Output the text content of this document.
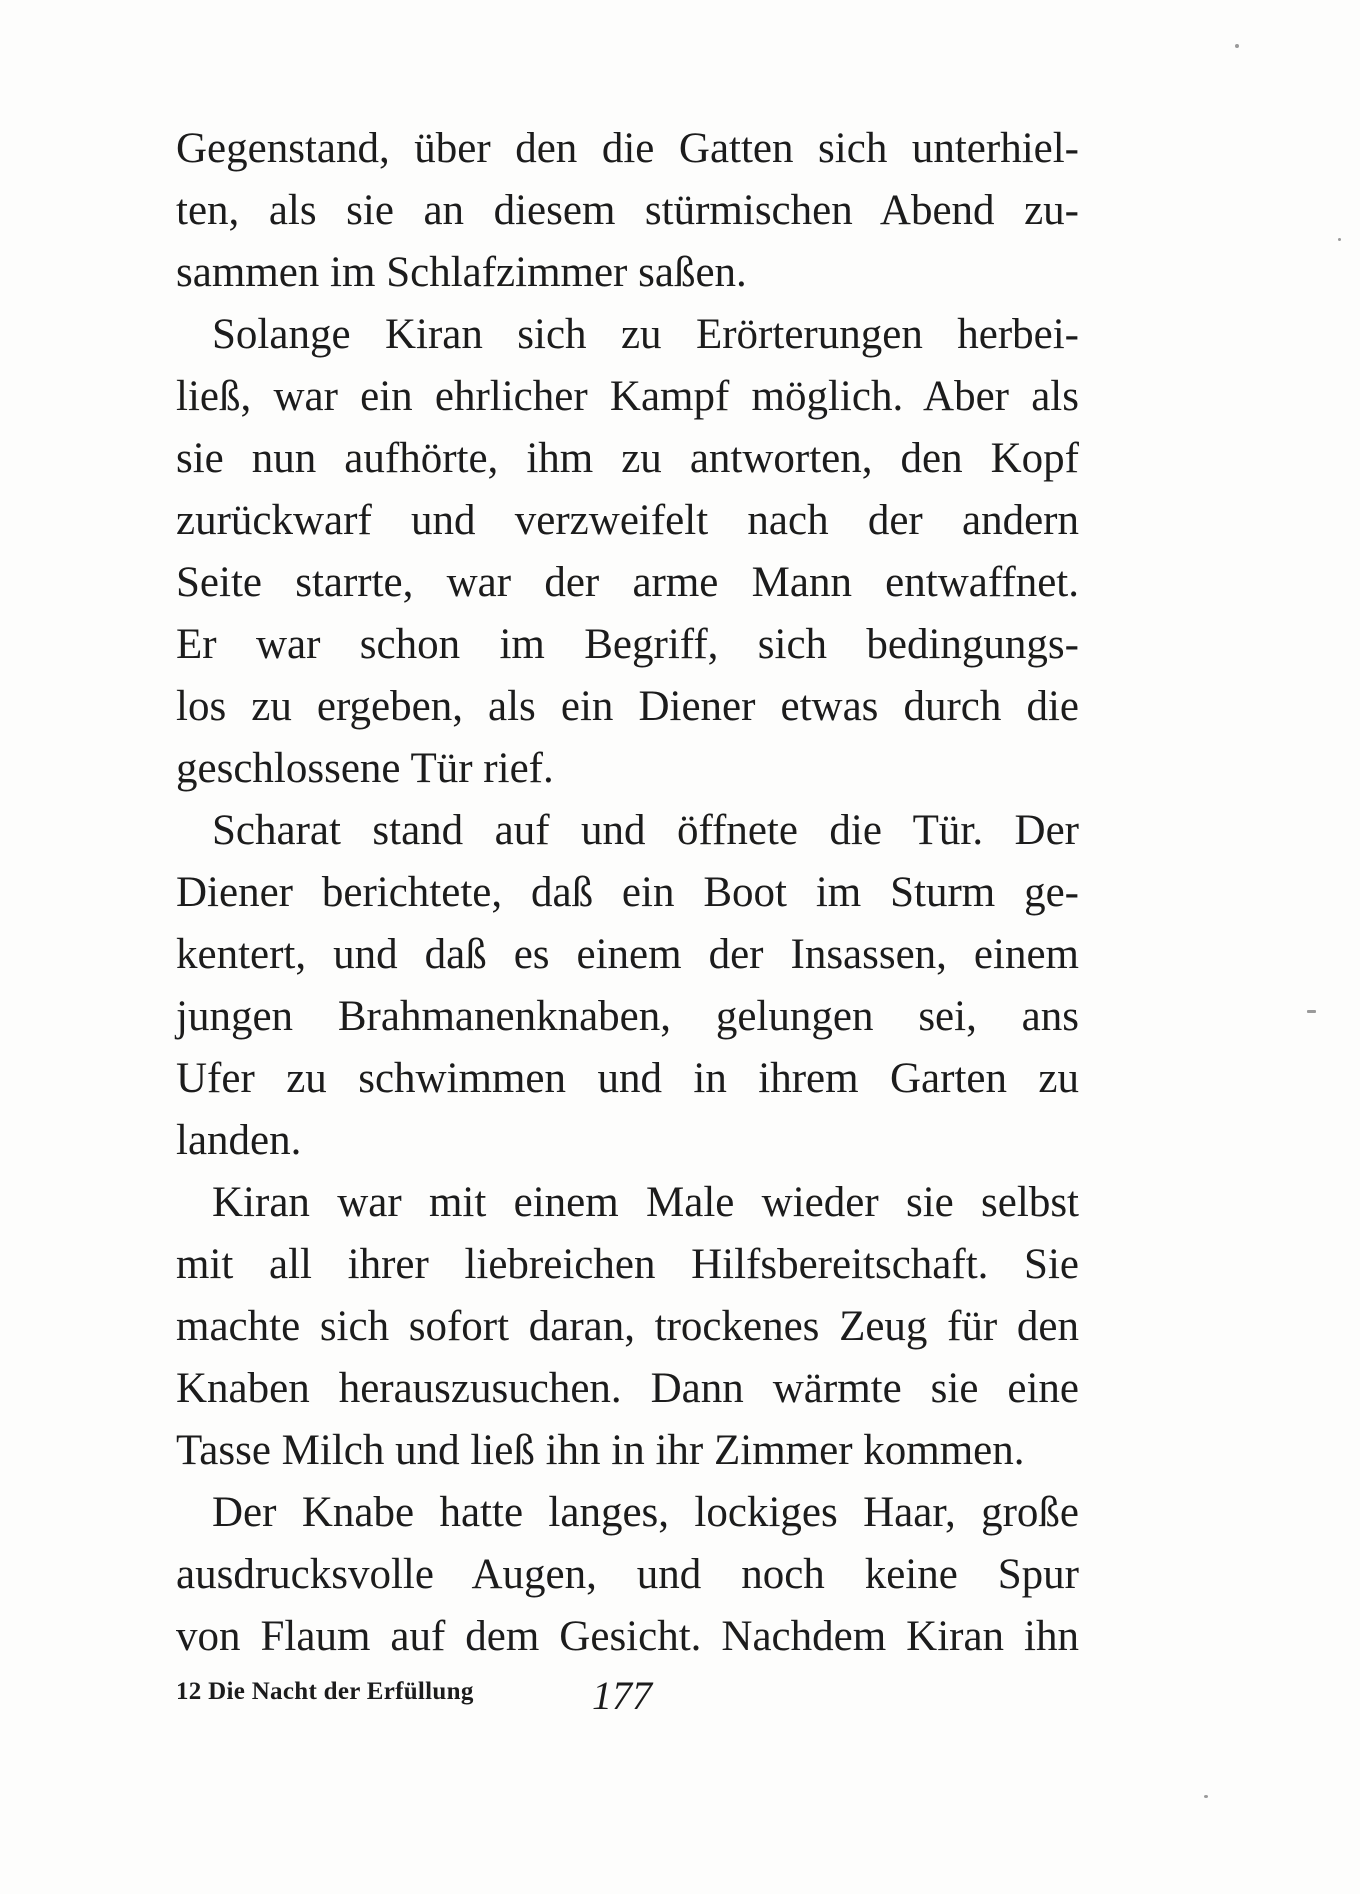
Gegenstand, über den die Gatten sich unterhiel-
ten, als sie an diesem stürmischen Abend zu-
sammen im Schlafzimmer saßen.
Solange Kiran sich zu Erörterungen herbei-
ließ, war ein ehrlicher Kampf möglich. Aber als
sie nun aufhörte, ihm zu antworten, den Kopf
zurückwarf und verzweifelt nach der andern
Seite starrte, war der arme Mann entwaffnet.
Er war schon im Begriff, sich bedingungs-
los zu ergeben, als ein Diener etwas durch die
geschlossene Tür rief.
Scharat stand auf und öffnete die Tür. Der
Diener berichtete, daß ein Boot im Sturm ge-
kentert, und daß es einem der Insassen, einem
jungen Brahmanenknaben, gelungen sei, ans
Ufer zu schwimmen und in ihrem Garten zu
landen.
Kiran war mit einem Male wieder sie selbst
mit all ihrer liebreichen Hilfsbereitschaft. Sie
machte sich sofort daran, trockenes Zeug für den
Knaben herauszusuchen. Dann wärmte sie eine
Tasse Milch und ließ ihn in ihr Zimmer kommen.
Der Knabe hatte langes, lockiges Haar, große
ausdrucksvolle Augen, und noch keine Spur
von Flaum auf dem Gesicht. Nachdem Kiran ihn
12 Die Nacht der Erfüllung	177
